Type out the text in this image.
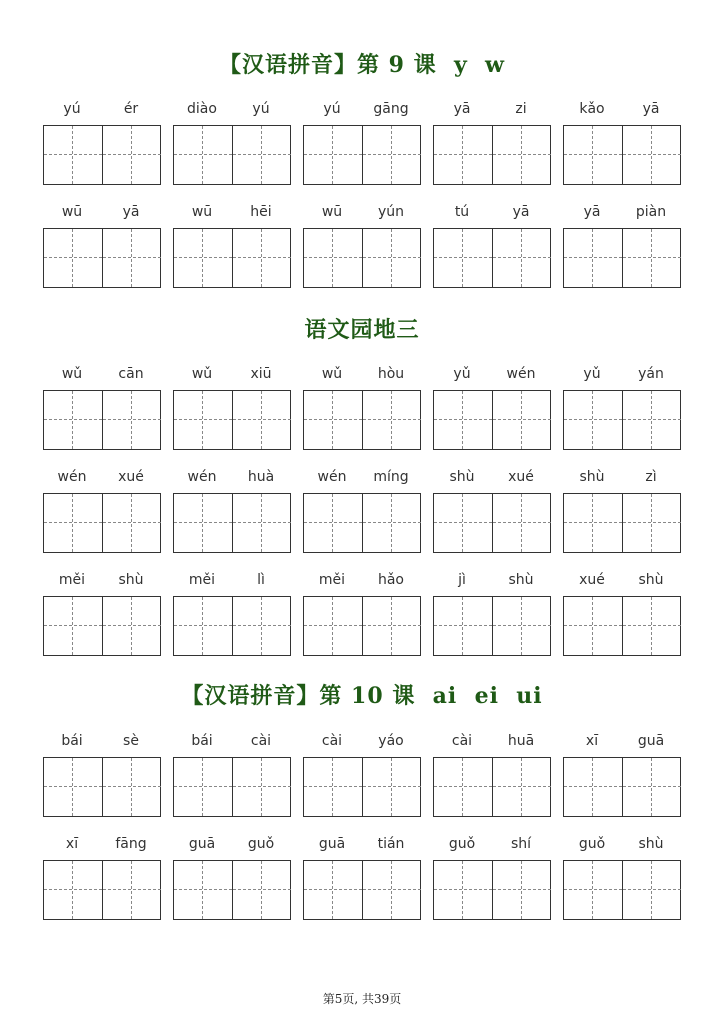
【汉语拼音】第 9 课  y  w
yú	ér	diào	yú	yú	gāng	yā	zi	kǎo	yā
wū	yā	wū	hēi	wū	yún	tú	yā	yā	piàn
语文园地三
wǔ	cān	wǔ	xiū	wǔ	hòu	yǔ	wén	yǔ	yán
wén	xué	wén	huà	wén	míng	shù	xué	shù	zì
měi	shù	měi	lì	měi	hǎo	jì	shù	xué	shù
【汉语拼音】第 10 课  ai  ei  ui
bái	sè	bái	cài	cài	yáo	cài	huā	xī	guā
xī	fāng	guā	guǒ	guā	tián	guǒ	shí	guǒ	shù
第5页, 共39页
